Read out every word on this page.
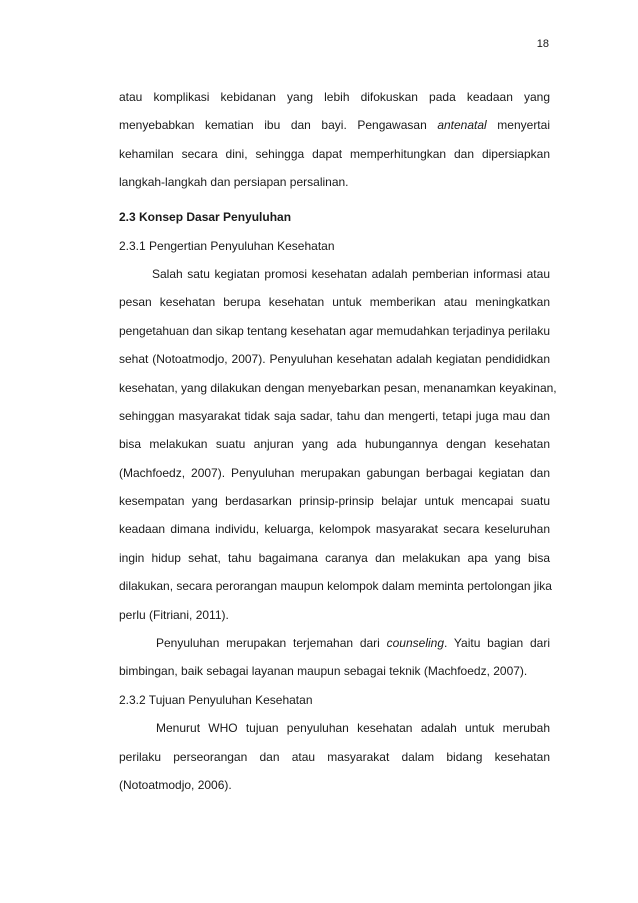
18
atau komplikasi kebidanan yang lebih difokuskan pada keadaan yang
menyebabkan kematian ibu dan bayi. Pengawasan antenatal menyertai
kehamilan secara dini, sehingga dapat memperhitungkan dan dipersiapkan
langkah-langkah dan persiapan persalinan.
2.3 Konsep Dasar Penyuluhan
2.3.1 Pengertian Penyuluhan Kesehatan
Salah satu kegiatan promosi kesehatan adalah pemberian informasi atau
pesan kesehatan berupa kesehatan untuk memberikan atau meningkatkan
pengetahuan dan sikap tentang kesehatan agar memudahkan terjadinya perilaku
sehat (Notoatmodjo, 2007). Penyuluhan kesehatan adalah kegiatan pendididkan
kesehatan, yang dilakukan dengan menyebarkan pesan, menanamkan keyakinan,
sehinggan masyarakat tidak saja sadar, tahu dan mengerti, tetapi juga mau dan
bisa melakukan suatu anjuran yang ada hubungannya dengan kesehatan
(Machfoedz, 2007). Penyuluhan merupakan gabungan berbagai kegiatan dan
kesempatan yang berdasarkan prinsip-prinsip belajar untuk mencapai suatu
keadaan dimana individu, keluarga, kelompok masyarakat secara keseluruhan
ingin hidup sehat, tahu bagaimana caranya dan melakukan apa yang bisa
dilakukan, secara perorangan maupun kelompok dalam meminta pertolongan jika
perlu (Fitriani, 2011).
Penyuluhan merupakan terjemahan dari counseling. Yaitu bagian dari
bimbingan, baik sebagai layanan maupun sebagai teknik (Machfoedz, 2007).
2.3.2 Tujuan Penyuluhan Kesehatan
Menurut WHO tujuan penyuluhan kesehatan adalah untuk merubah
perilaku perseorangan dan atau masyarakat dalam bidang kesehatan
(Notoatmodjo, 2006).
